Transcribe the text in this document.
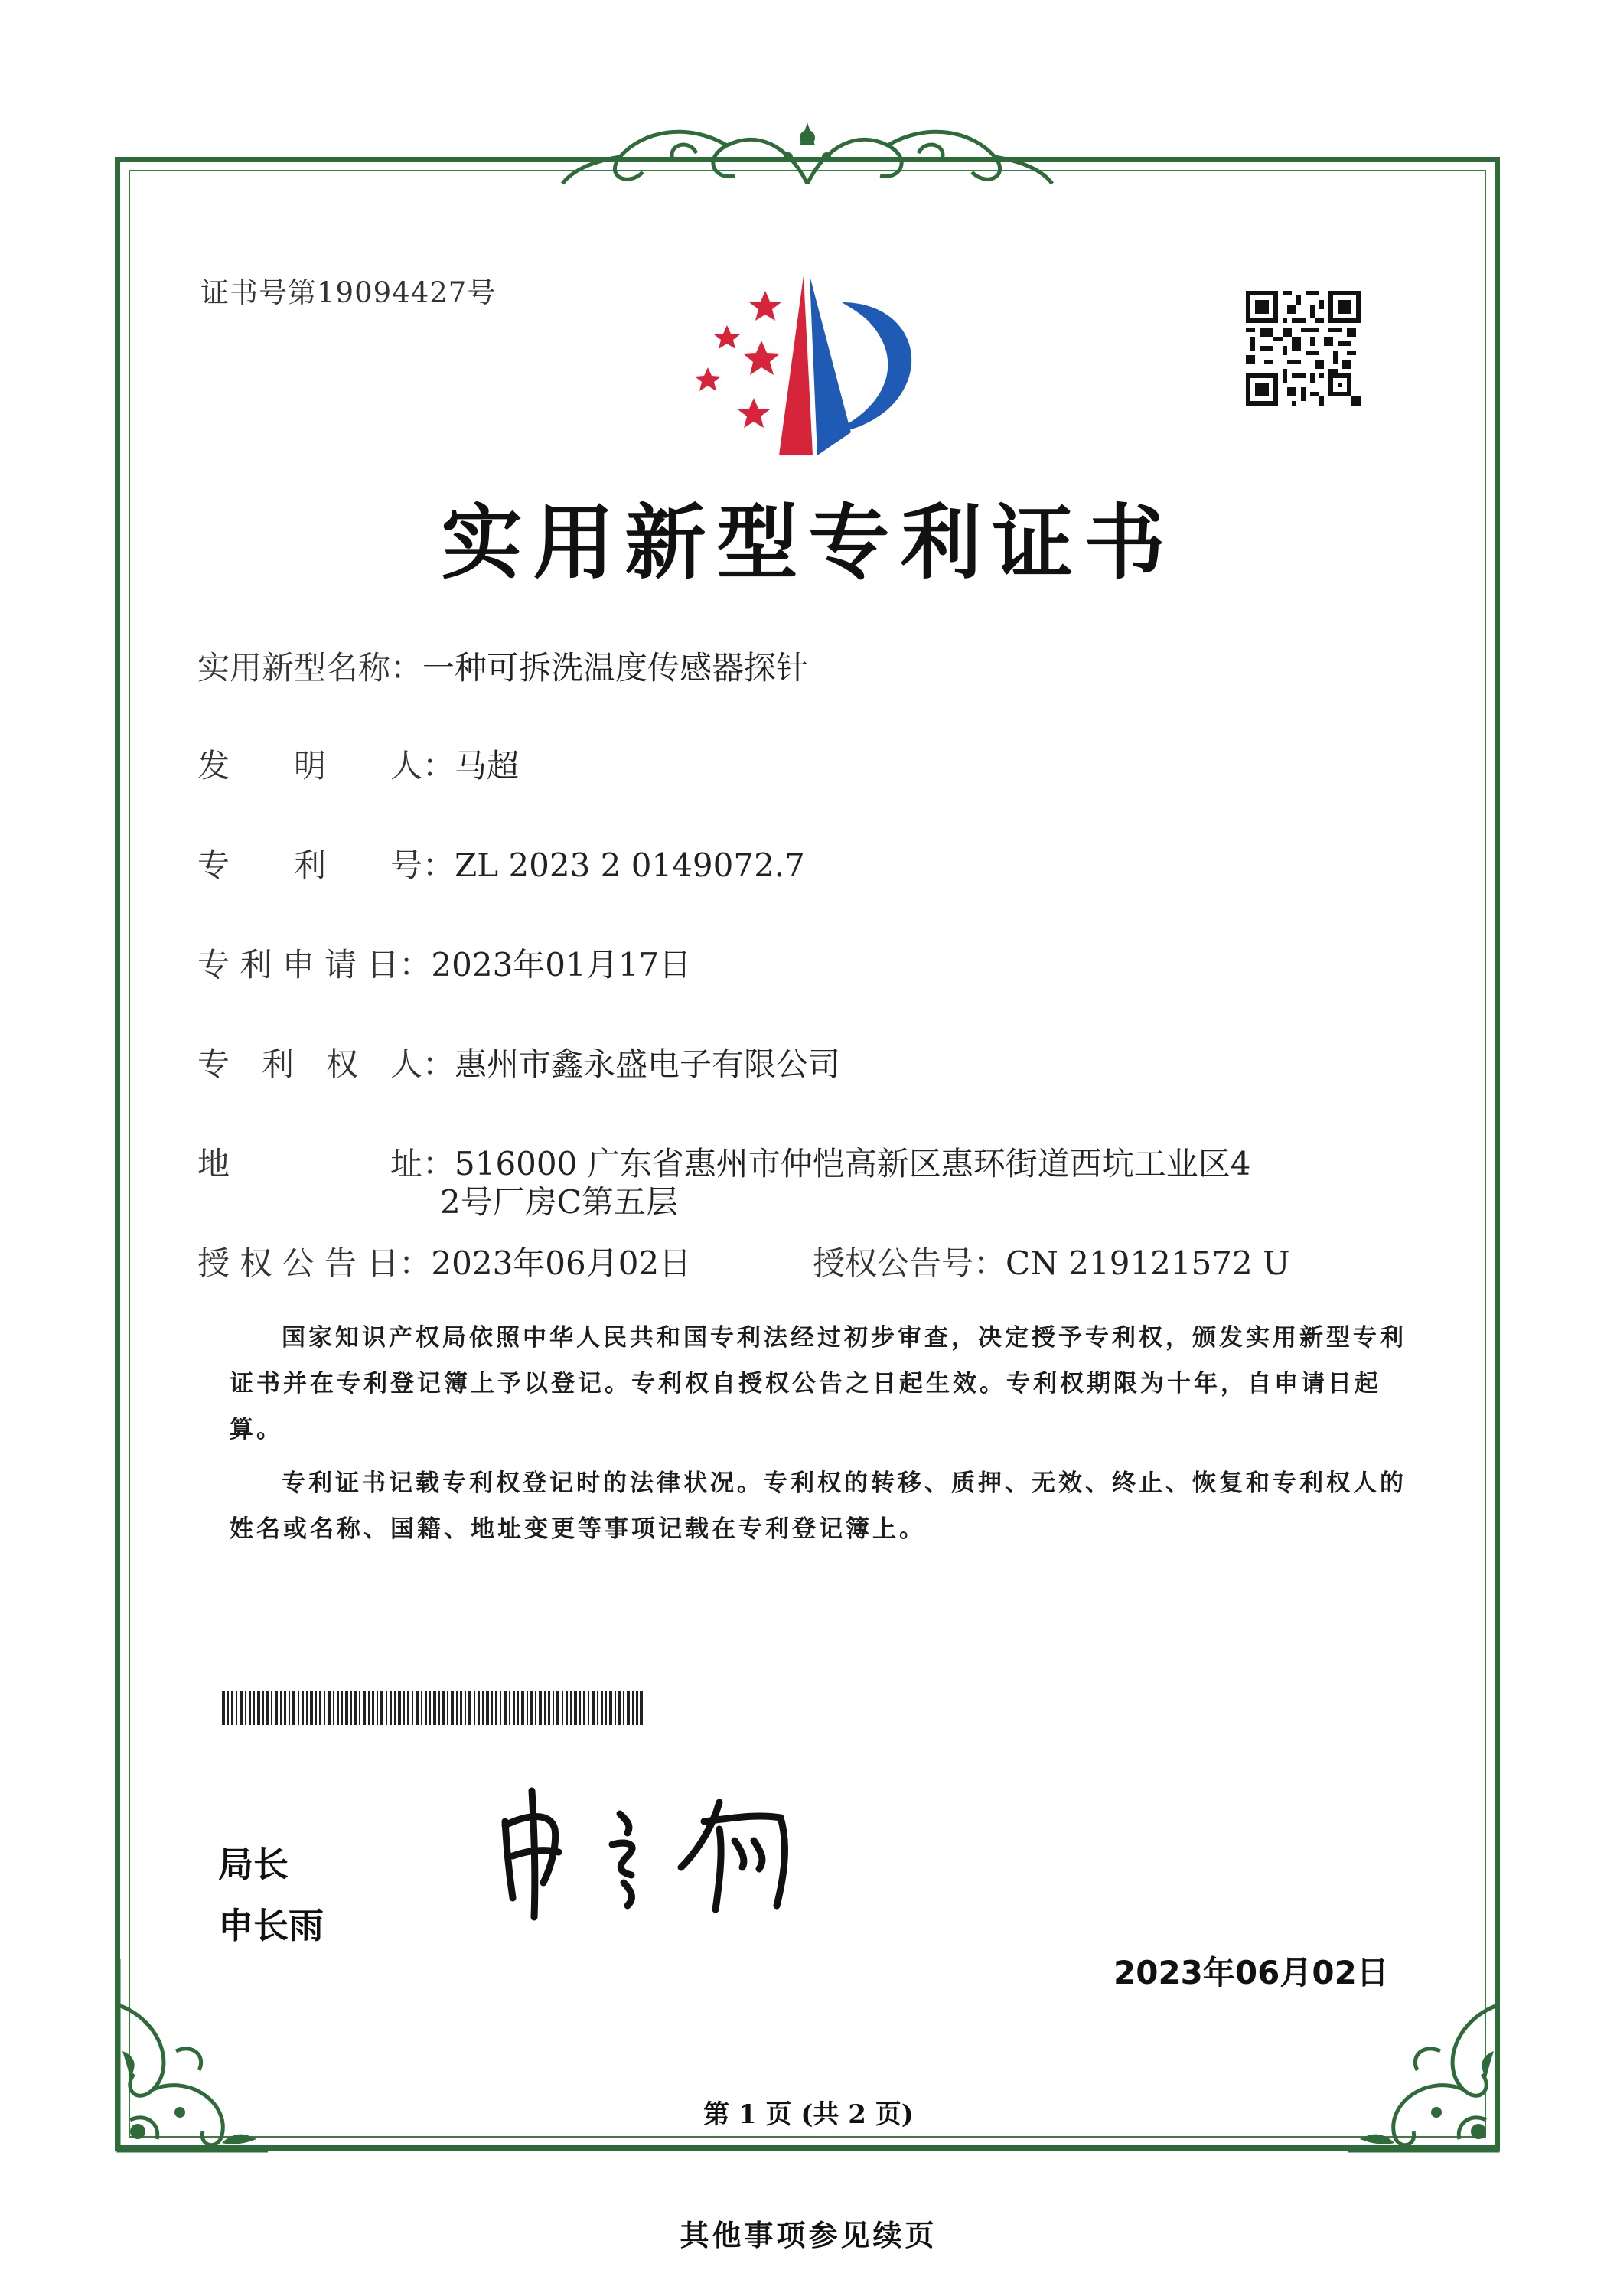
证书号第19094427号
实用新型专利证书
实用新型名称：一种可拆洗温度传感器探针
发　　明　　人：马超
专　　利　　号：ZL 2023 2 0149072.7
专 利 申 请 日：2023年01月17日
专　利　权　人：惠州市鑫永盛电子有限公司
地　　　　　址：516000 广东省惠州市仲恺高新区惠环街道西坑工业区4
2号厂房C第五层
授 权 公 告 日：2023年06月02日	授权公告号：CN 219121572 U
国家知识产权局依照中华人民共和国专利法经过初步审查，决定授予专利权，颁发实用新型专利证书并在专利登记簿上予以登记。专利权自授权公告之日起生效。专利权期限为十年，自申请日起算。
专利证书记载专利权登记时的法律状况。专利权的转移、质押、无效、终止、恢复和专利权人的姓名或名称、国籍、地址变更等事项记载在专利登记簿上。
局长
申长雨
2023年06月02日
第 1 页 (共 2 页)
其他事项参见续页
